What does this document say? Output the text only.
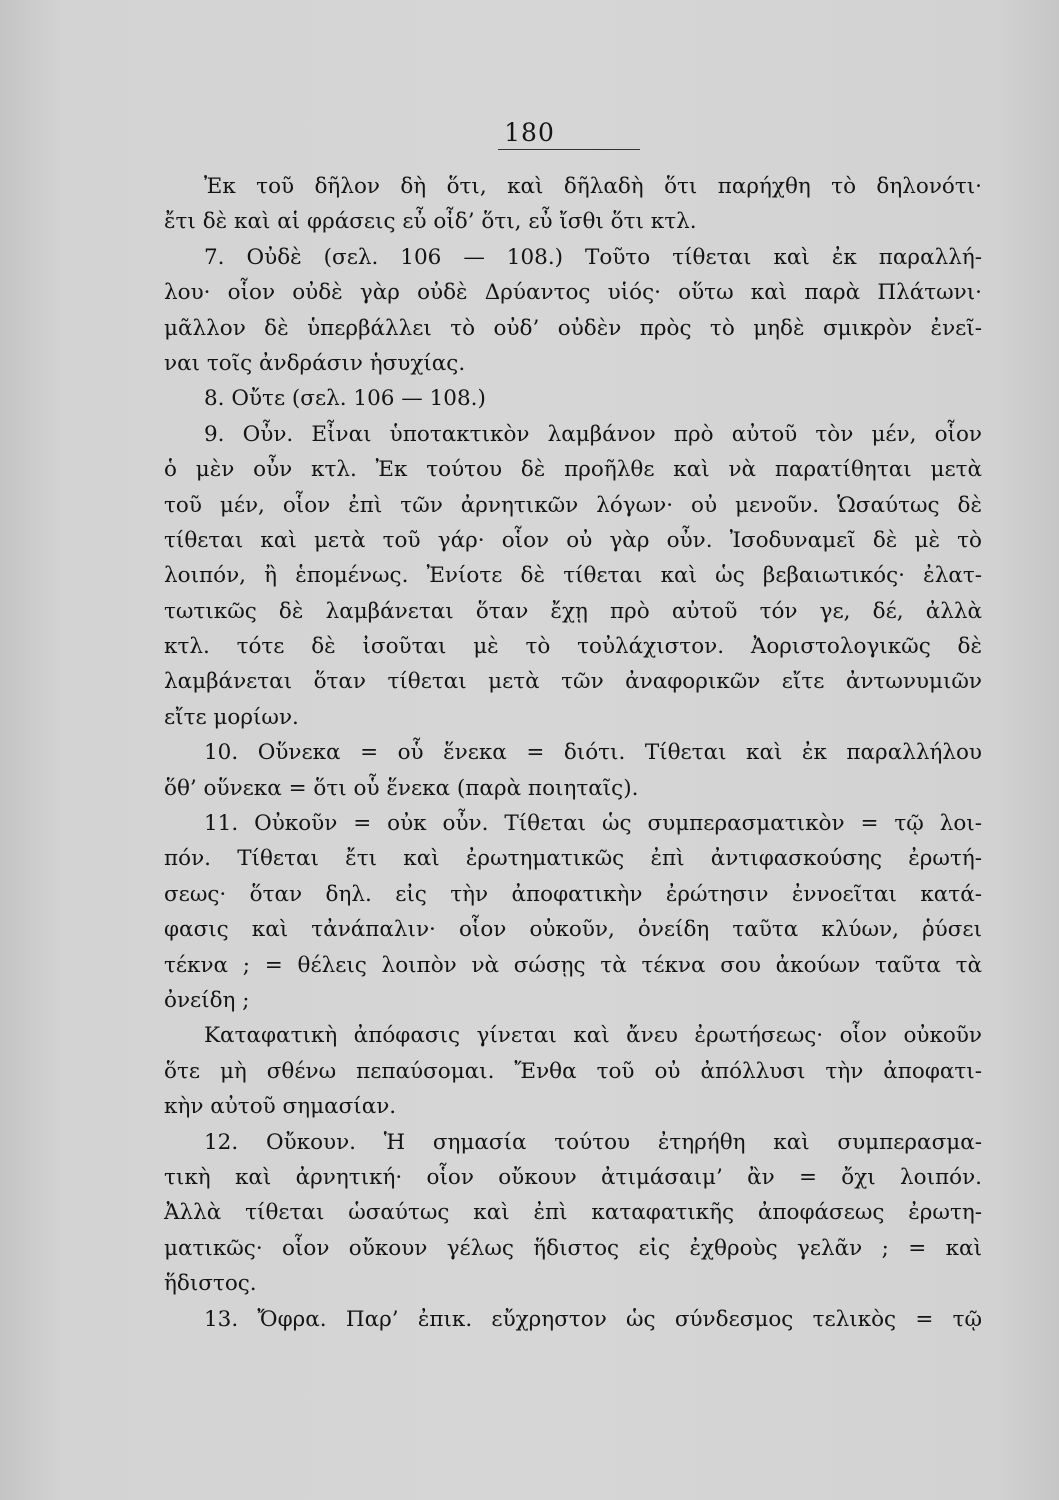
180
Ἐκ τοῦ δῆλον δὴ ὅτι, καὶ δῆλαδὴ ὅτι παρήχθη τὸ δηλονότι·
ἔτι δὲ καὶ αἱ φράσεις εὖ οἶδ’ ὅτι, εὖ ἴσθι ὅτι κτλ.
7. Οὐδὲ (σελ. 106 — 108.) Τοῦτο τίθεται καὶ ἐκ παραλλή-
λου· οἷον οὐδὲ γὰρ οὐδὲ Δρύαντος υἱός· οὕτω καὶ παρὰ Πλάτωνι·
μᾶλλον δὲ ὑπερβάλλει τὸ οὐδ’ οὐδὲν πρὸς τὸ μηδὲ σμικρὸν ἐνεῖ-
ναι τοῖς ἀνδράσιν ἡσυχίας.
8. Οὔτε (σελ. 106 — 108.)
9. Οὖν. Εἶναι ὑποτακτικὸν λαμβάνον πρὸ αὐτοῦ τὸν μέν, οἷον
ὁ μὲν οὖν κτλ. Ἐκ τούτου δὲ προῆλθε καὶ νὰ παρατίθηται μετὰ
τοῦ μέν, οἷον ἐπὶ τῶν ἀρνητικῶν λόγων· οὐ μενοῦν. Ὡσαύτως δὲ
τίθεται καὶ μετὰ τοῦ γάρ· οἷον οὐ γὰρ οὖν. Ἰσοδυναμεῖ δὲ μὲ τὸ
λοιπόν, ἢ ἑπομένως. Ἐνίοτε δὲ τίθεται καὶ ὡς βεβαιωτικός· ἐλατ-
τωτικῶς δὲ λαμβάνεται ὅταν ἔχῃ πρὸ αὐτοῦ τόν γε, δέ, ἀλλὰ
κτλ. τότε δὲ ἰσοῦται μὲ τὸ τοὐλάχιστον. Ἀοριστολογικῶς δὲ
λαμβάνεται ὅταν τίθεται μετὰ τῶν ἀναφορικῶν εἴτε ἀντωνυμιῶν
εἴτε μορίων.
10. Οὕνεκα = οὗ ἕνεκα = διότι. Τίθεται καὶ ἐκ παραλλήλου
ὅθ’ οὕνεκα = ὅτι οὗ ἕνεκα (παρὰ ποιηταῖς).
11. Οὐκοῦν = οὐκ οὖν. Τίθεται ὡς συμπερασματικὸν = τῷ λοι-
πόν. Τίθεται ἔτι καὶ ἐρωτηματικῶς ἐπὶ ἀντιφασκούσης ἐρωτή-
σεως· ὅταν δηλ. εἰς τὴν ἀποφατικὴν ἐρώτησιν ἐννοεῖται κατά-
φασις καὶ τἀνάπαλιν· οἷον οὐκοῦν, ὀνείδη ταῦτα κλύων, ῥύσει
τέκνα ; = θέλεις λοιπὸν νὰ σώσῃς τὰ τέκνα σου ἀκούων ταῦτα τὰ
ὀνείδη ;
Καταφατικὴ ἀπόφασις γίνεται καὶ ἄνευ ἐρωτήσεως· οἷον οὐκοῦν
ὅτε μὴ σθένω πεπαύσομαι. Ἔνθα τοῦ οὐ ἀπόλλυσι τὴν ἀποφατι-
κὴν αὐτοῦ σημασίαν.
12. Οὔκουν. Ἡ σημασία τούτου ἐτηρήθη καὶ συμπερασμα-
τικὴ καὶ ἀρνητική· οἷον οὔκουν ἀτιμάσαιμ’ ἂν = ὄχι λοιπόν.
Ἀλλὰ τίθεται ὡσαύτως καὶ ἐπὶ καταφατικῆς ἀποφάσεως ἐρωτη-
ματικῶς· οἷον οὔκουν γέλως ἥδιστος εἰς ἐχθροὺς γελᾶν ; = καὶ
ἥδιστος.
13. Ὄφρα. Παρ’ ἐπικ. εὔχρηστον ὡς σύνδεσμος τελικὸς = τῷ
